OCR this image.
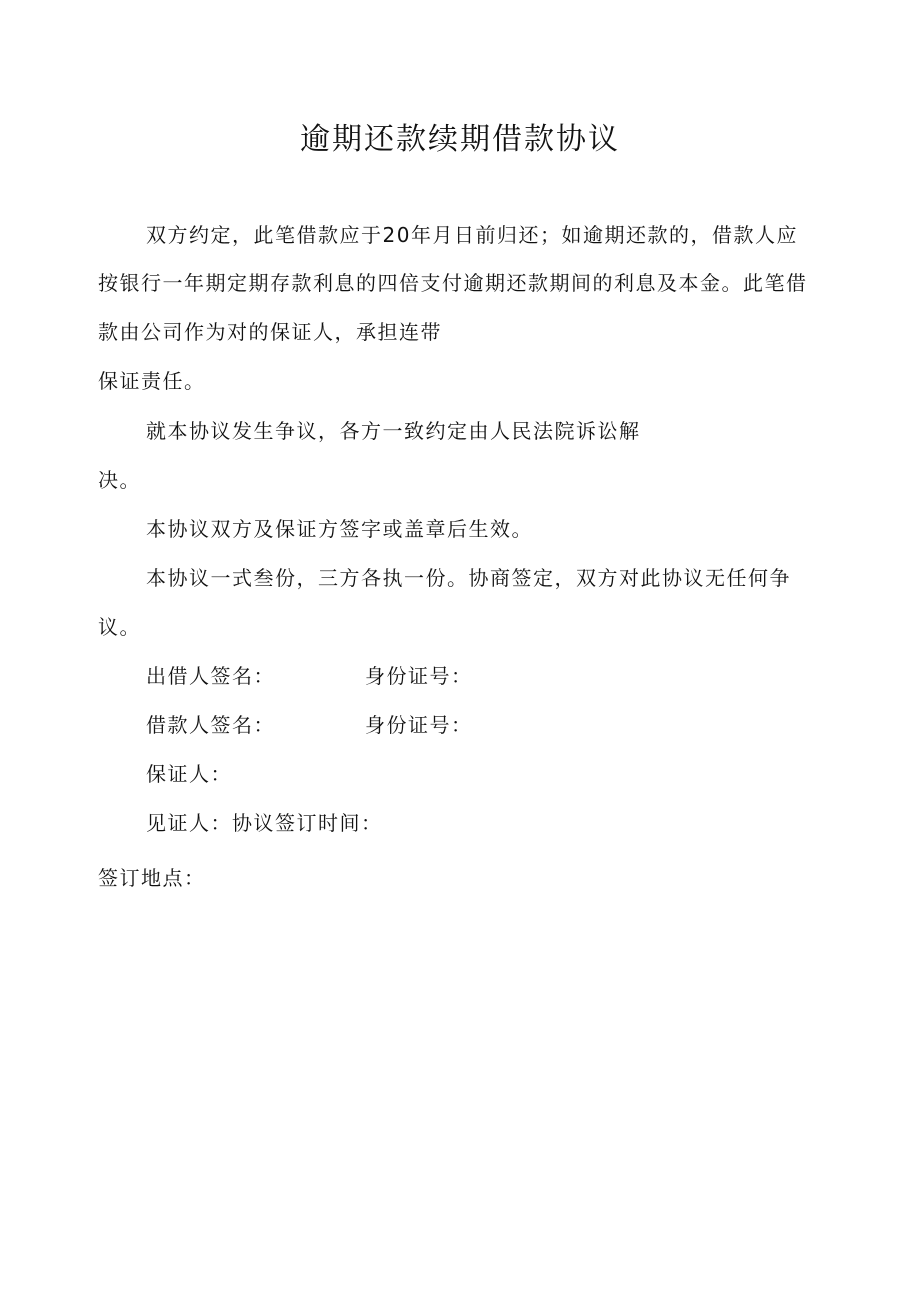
逾期还款续期借款协议
双方约定，此笔借款应于20年月日前归还；如逾期还款的，借款人应
按银行一年期定期存款利息的四倍支付逾期还款期间的利息及本金。此笔借
款由公司作为对的保证人，承担连带
保证责任。
就本协议发生争议，各方一致约定由人民法院诉讼解
决。
本协议双方及保证方签字或盖章后生效。
本协议一式叁份，三方各执一份。协商签定，双方对此协议无任何争
议。
出借人签名：	身份证号：
借款人签名：	身份证号：
保证人：
见证人：协议签订时间：
签订地点：
